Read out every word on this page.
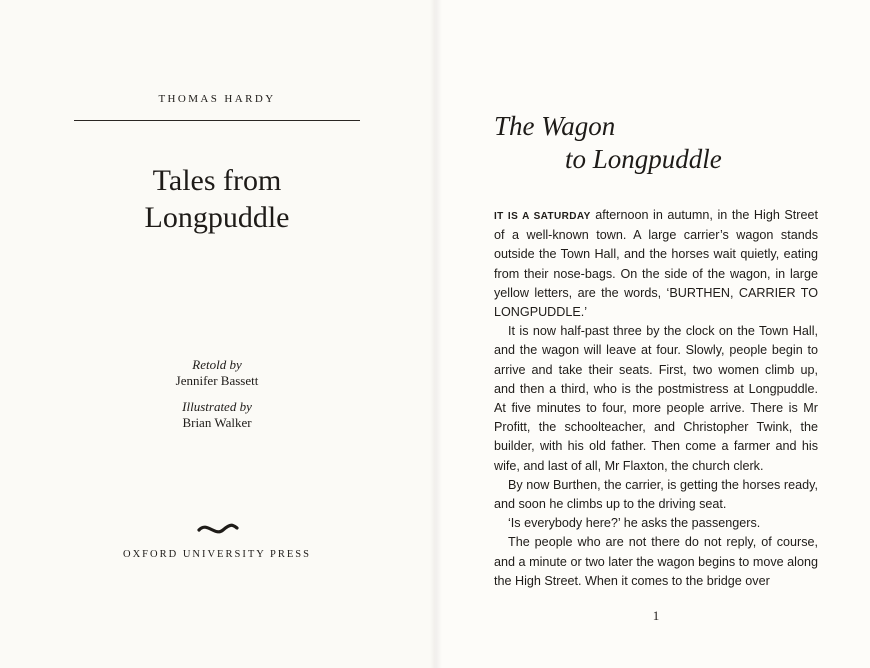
THOMAS HARDY
Tales from
Longpuddle
Retold by
Jennifer Bassett
Illustrated by
Brian Walker
OXFORD UNIVERSITY PRESS
The Wagon
to Longpuddle

IT IS A SATURDAY afternoon in autumn, in the High Street of a well-known town. A large carrier’s wagon stands outside the Town Hall, and the horses wait quietly, eating from their nose-bags. On the side of the wagon, in large yellow letters, are the words, ‘BURTHEN, CARRIER TO LONGPUDDLE.’

It is now half-past three by the clock on the Town Hall, and the wagon will leave at four. Slowly, people begin to arrive and take their seats. First, two women climb up, and then a third, who is the postmistress at Longpuddle. At five minutes to four, more people arrive. There is Mr Profitt, the schoolteacher, and Christopher Twink, the builder, with his old father. Then come a farmer and his wife, and last of all, Mr Flaxton, the church clerk.

By now Burthen, the carrier, is getting the horses ready, and soon he climbs up to the driving seat.

‘Is everybody here?’ he asks the passengers.

The people who are not there do not reply, of course, and a minute or two later the wagon begins to move along the High Street. When it comes to the bridge over

1
